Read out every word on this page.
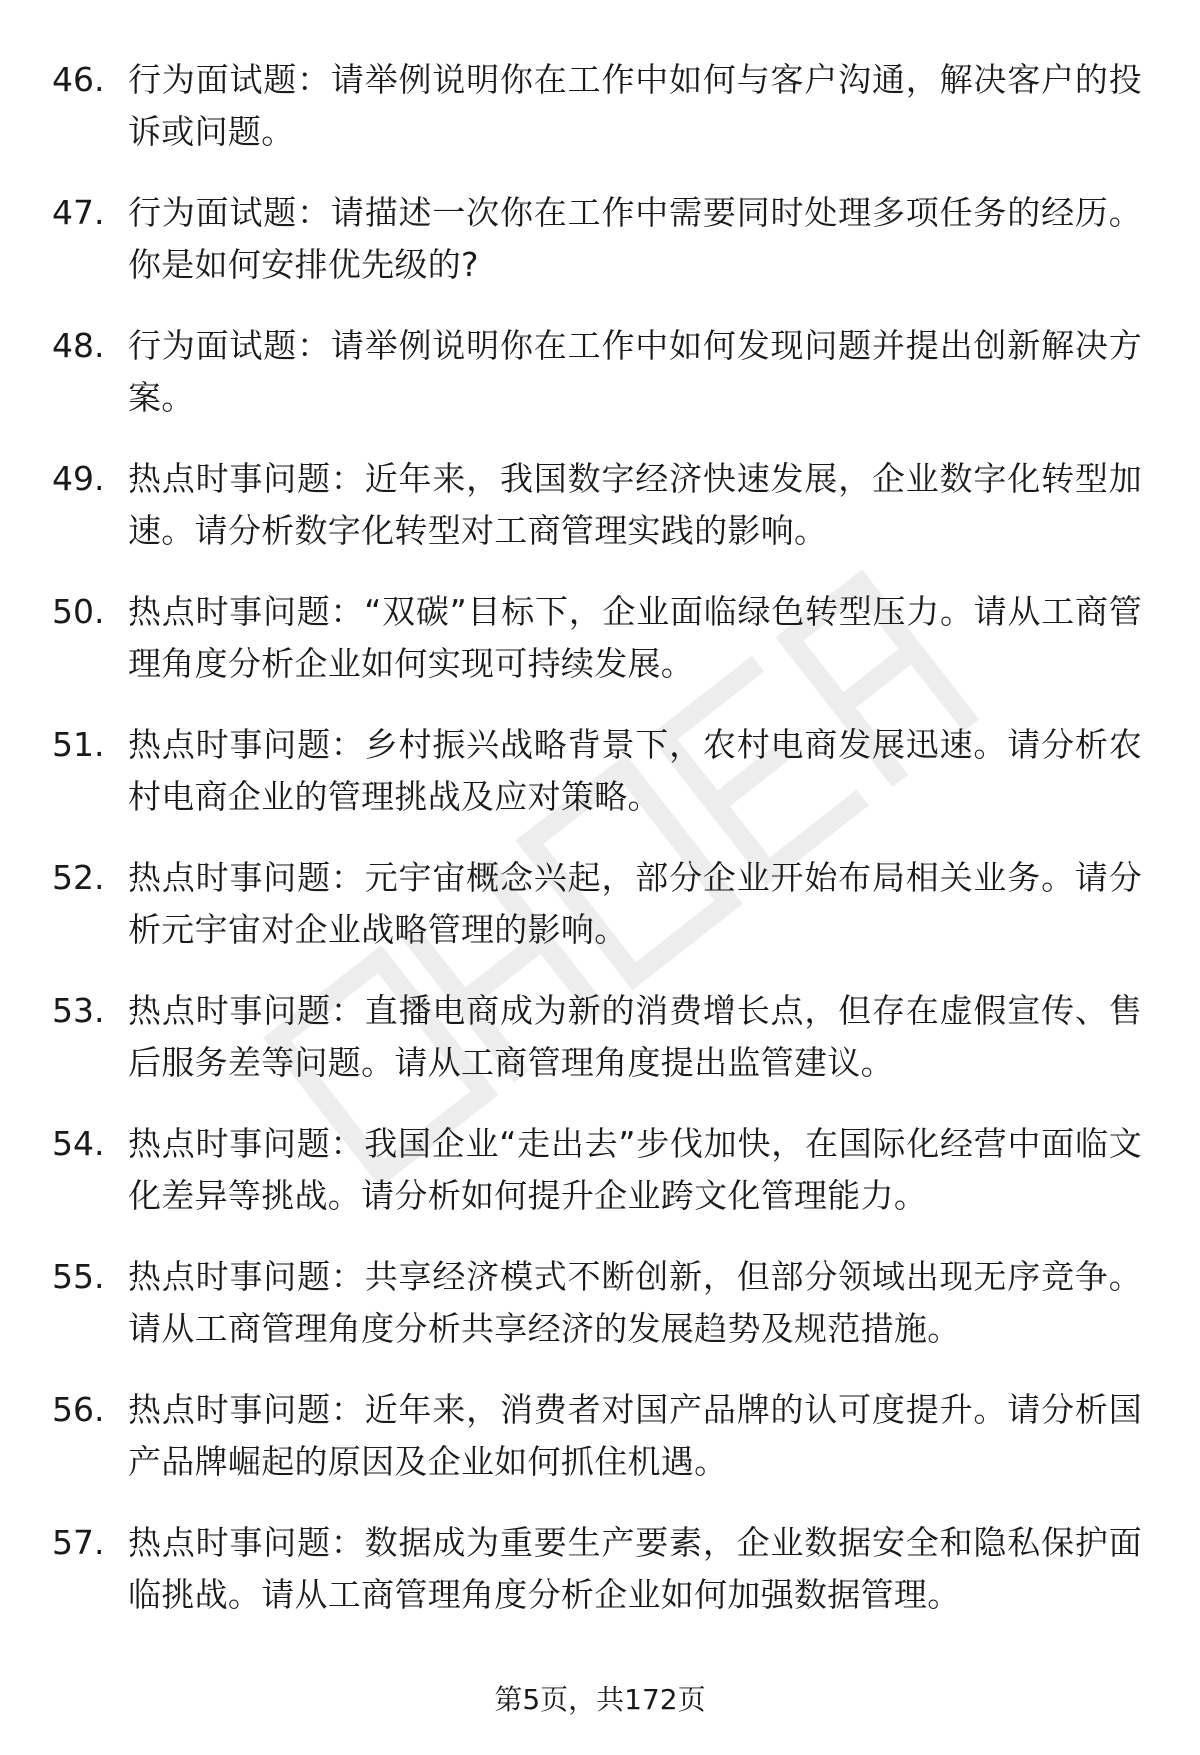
46. 行为面试题：请举例说明你在工作中如何与客户沟通，解决客户的投诉或问题。
47. 行为面试题：请描述一次你在工作中需要同时处理多项任务的经历。你是如何安排优先级的?
48. 行为面试题：请举例说明你在工作中如何发现问题并提出创新解决方案。
49. 热点时事问题：近年来，我国数字经济快速发展，企业数字化转型加速。请分析数字化转型对工商管理实践的影响。
50. 热点时事问题：“双碳”目标下，企业面临绿色转型压力。请从工商管理角度分析企业如何实现可持续发展。
51. 热点时事问题：乡村振兴战略背景下，农村电商发展迅速。请分析农村电商企业的管理挑战及应对策略。
52. 热点时事问题：元宇宙概念兴起，部分企业开始布局相关业务。请分析元宇宙对企业战略管理的影响。
53. 热点时事问题：直播电商成为新的消费增长点，但存在虚假宣传、售后服务差等问题。请从工商管理角度提出监管建议。
54. 热点时事问题：我国企业“走出去”步伐加快，在国际化经营中面临文化差异等挑战。请分析如何提升企业跨文化管理能力。
55. 热点时事问题：共享经济模式不断创新，但部分领域出现无序竞争。请从工商管理角度分析共享经济的发展趋势及规范措施。
56. 热点时事问题：近年来，消费者对国产品牌的认可度提升。请分析国产品牌崛起的原因及企业如何抓住机遇。
57. 热点时事问题：数据成为重要生产要素，企业数据安全和隐私保护面临挑战。请从工商管理角度分析企业如何加强数据管理。
第5页，共172页
